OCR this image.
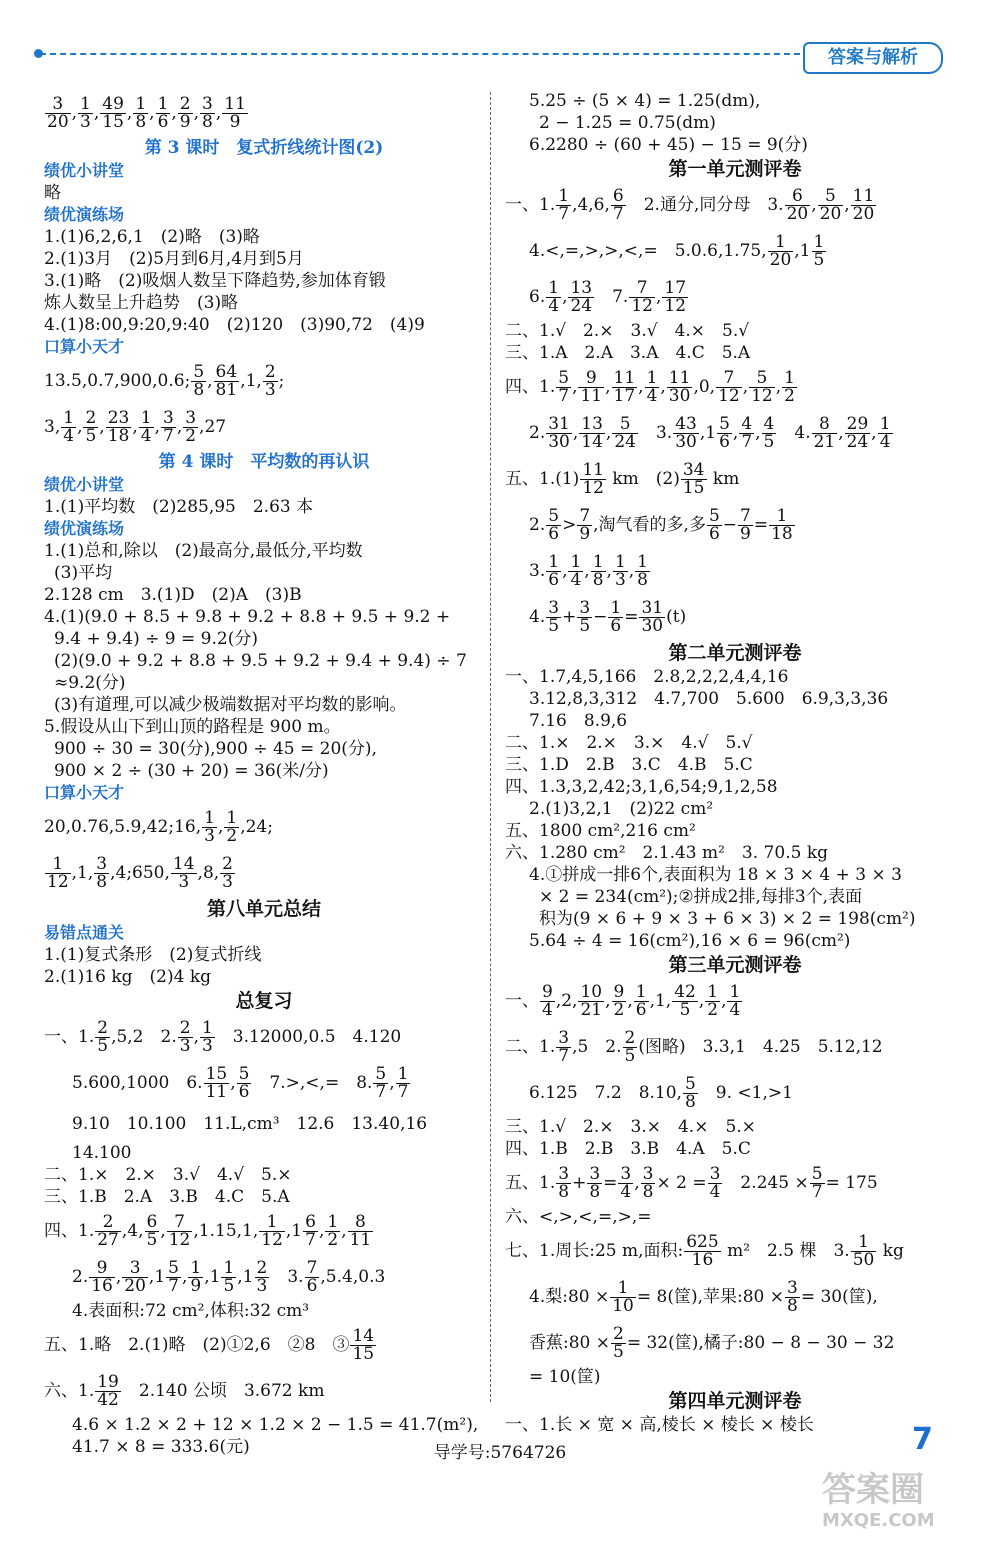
答案与解析
$\frac{3}{20}$ , $\frac{1}{3}$ , $\frac{49}{15}$ , $\frac{1}{8}$ , $\frac{1}{6}$ , $\frac{2}{9}$ , $\frac{3}{8}$ , $\frac{11}{9}$
第 3 课时　复式折线统计图(2)
绩优小讲堂
略
绩优演练场
1.(1)6,2,6,1　(2)略　(3)略
2.(1)3月　(2)5月到6月,4月到5月
3.(1)略　(2)吸烟人数呈下降趋势,参加体育锻
炼人数呈上升趋势　(3)略
4.(1)8:00,9:20,9:40　(2)120　(3)90,72　(4)9
口算小天才
13.5,0.7,900,0.6; $\frac{5}{8}$ , $\frac{64}{81} ,1$, $\frac{2}{3}$ ;
3, $\frac{1}{4}$ , $\frac{2}{5}$ , $\frac{23}{18}$ , $\frac{1}{4}$ , $\frac{3}{7}$ , $\frac{3}{2} ,27$
第 4 课时　平均数的再认识
绩优小讲堂
1.(1)平均数　(2)285,95　2.63 本
绩优演练场
1.(1)总和,除以　(2)最高分,最低分,平均数
(3)平均
2.128 cm　3.(1)D　(2)A　(3)B
4.(1)(9.0 + 8.5 + 9.8 + 9.2 + 8.8 + 9.5 + 9.2 +
9.4 + 9.4) ÷ 9 = 9.2(分)
(2)(9.0 + 9.2 + 8.8 + 9.5 + 9.2 + 9.4 + 9.4) ÷ 7
≈9.2(分)
(3)有道理,可以减少极端数据对平均数的影响。
5.假设从山下到山顶的路程是 900 m。
900 ÷ 30 = 30(分),900 ÷ 45 = 20(分),
900 × 2 ÷ (30 + 20) = 36(米/分)
口算小天才
20,0.76,5.9,42;16, $\frac{1}{3}$ , $\frac{1}{2} ,24$;
$\frac{1}{12} ,1$, $\frac{3}{8}$ ,4;650, $\frac{14}{3} ,8$, $\frac{2}{3}$
第八单元总结
易错点通关
1.(1)复式条形　(2)复式折线
2.(1)16 kg　(2)4 kg
总复习
一、1. $\frac{2}{5} ,5,2$　2. $\frac{2}{3}$ , $\frac{1}{3}$
　 3.12000,0.5　4.120
5.600,1000　6. $\frac{15}{11}$ , $\frac{5}{6}$
　 7.>,<,=　8. $\frac{5}{7}$ , $\frac{1}{7}$
9.10　10.100　11.L,cm³　12.6　13.40,16
14.100
二、1.×　2.×　3.√　4.√　5.×
三、1.B　2.A　3.B　4.C　5.A
四、1. $\frac{2}{27} ,4$, $\frac{6}{5}$ , $\frac{7}{12} ,1.15,1$, $\frac{1}{12} ,1 \frac{6}{7}$ , $\frac{1}{2}$ , $\frac{8}{11}$
2. $\frac{9}{16}$ , $\frac{3}{20} ,1 \frac{5}{7}$ , $\frac{1}{9} ,1 \frac{1}{5} ,1 \frac{2}{3}$
　 3. $\frac{7}{6} ,5.4,0.3$
4.表面积:72 cm²,体积:32 cm³
五、1.略　2.(1)略　(2)①2,6　②8　③ $\frac{14}{15}$
六、1. $\frac{19}{42}$
　 2.140 公顷　3.672 km
4.6 × 1.2 × 2 + 12 × 1.2 × 2 − 1.5 = 41.7(m²),
41.7 × 8 = 333.6(元)
5.25 ÷ (5 × 4) = 1.25(dm),
2 − 1.25 = 0.75(dm)
6.2280 ÷ (60 + 45) − 15 = 9(分)
第一单元测评卷
一、1. $\frac{1}{7} ,4,6$, $\frac{6}{7}$
　 2.通分,同分母　3. $\frac{6}{20}$ , $\frac{5}{20}$ , $\frac{11}{20}$
4.<,=,>,>,<,=　5.0.6,1.75, $\frac{1}{20} ,1 \frac{1}{5}$
6. $\frac{1}{4}$ , $\frac{13}{24}$
　 7. $\frac{7}{12}$ , $\frac{17}{12}$
二、1.√　2.×　3.√　4.×　5.√
三、1.A　2.A　3.A　4.C　5.A
四、1. $\frac{5}{7}$ , $\frac{9}{11}$ , $\frac{11}{17}$ , $\frac{1}{4}$ , $\frac{11}{30} ,0$, $\frac{7}{12}$ , $\frac{5}{12}$ , $\frac{1}{2}$
2. $\frac{31}{30}$ , $\frac{13}{14}$ , $\frac{5}{24}$
　 3. $\frac{43}{30} ,1 \frac{5}{6}$ , $\frac{4}{7}$ , $\frac{4}{5}$
　 4. $\frac{8}{21}$ , $\frac{29}{24}$ , $\frac{1}{4}$
五、$1.(1) \frac{11}{12}$ km　$(2) \frac{34}{15}$ km
2. $\frac{5}{6} > \frac{7}{9}$ ,淘气看的多,多 $\frac{5}{6} - \frac{7}{9} = \frac{1}{18}$
3. $\frac{1}{6}$ , $\frac{1}{4}$ , $\frac{1}{8}$ , $\frac{1}{3}$ , $\frac{1}{8}$
4. $\frac{3}{5} + \frac{3}{5} - \frac{1}{6} = \frac{31}{30} (t)$
第二单元测评卷
一、1.7,4,5,166　2.8,2,2,2,4,4,16
3.12,8,3,312　4.7,700　5.600　6.9,3,3,36
7.16　8.9,6
二、1.×　2.×　3.×　4.√　5.√
三、1.D　2.B　3.C　4.B　5.C
四、1.3,3,2,42;3,1,6,54;9,1,2,58
2.(1)3,2,1　(2)22 cm²
五、1800 cm²,216 cm²
六、1.280 cm²　2.1.43 m²　3. 70.5 kg
4.①拼成一排6个,表面积为 18 × 3 × 4 + 3 × 3
× 2 = 234(cm²);②拼成2排,每排3个,表面
积为(9 × 6 + 9 × 3 + 6 × 3) × 2 = 198(cm²)
5.64 ÷ 4 = 16(cm²),16 × 6 = 96(cm²)
第三单元测评卷
一、 $\frac{9}{4} ,2$, $\frac{10}{21}$ , $\frac{9}{2}$ , $\frac{1}{6} ,1$, $\frac{42}{5}$ , $\frac{1}{2}$ , $\frac{1}{4}$
二、1. $\frac{3}{7} ,5$　2. $\frac{2}{5}$ (图略)　3.3,1　4.25　5.12,12
6.125　7.2　8.10, $\frac{5}{8}$
　 9. <1,>1
三、1.√　2.×　3.×　4.×　5.×
四、1.B　2.B　3.B　4.A　5.C
五、1. $\frac{3}{8} + \frac{3}{8} = \frac{3}{4}$ , $\frac{3}{8} \times 2 = \frac{3}{4}$
　 $2.245 \times \frac{5}{7} = 175$
六、<,>,<,=,>,=
七、1.周长:25 m,面积: $\frac{625}{16} m^2$　2.5 棵　3. $\frac{1}{50}$ kg
4.梨:80 × $\frac{1}{10} = 8$(筐),苹果:80 × $\frac{3}{8} = 30$(筐),
香蕉:80 × $\frac{2}{5} = 32$(筐),橘子:80 − 8 − 30 − 32
= 10(筐)
第四单元测评卷
一、1.长 × 宽 × 高,棱长 × 棱长 × 棱长
导学号:5764726	7
答案圈
MXQE.COM
